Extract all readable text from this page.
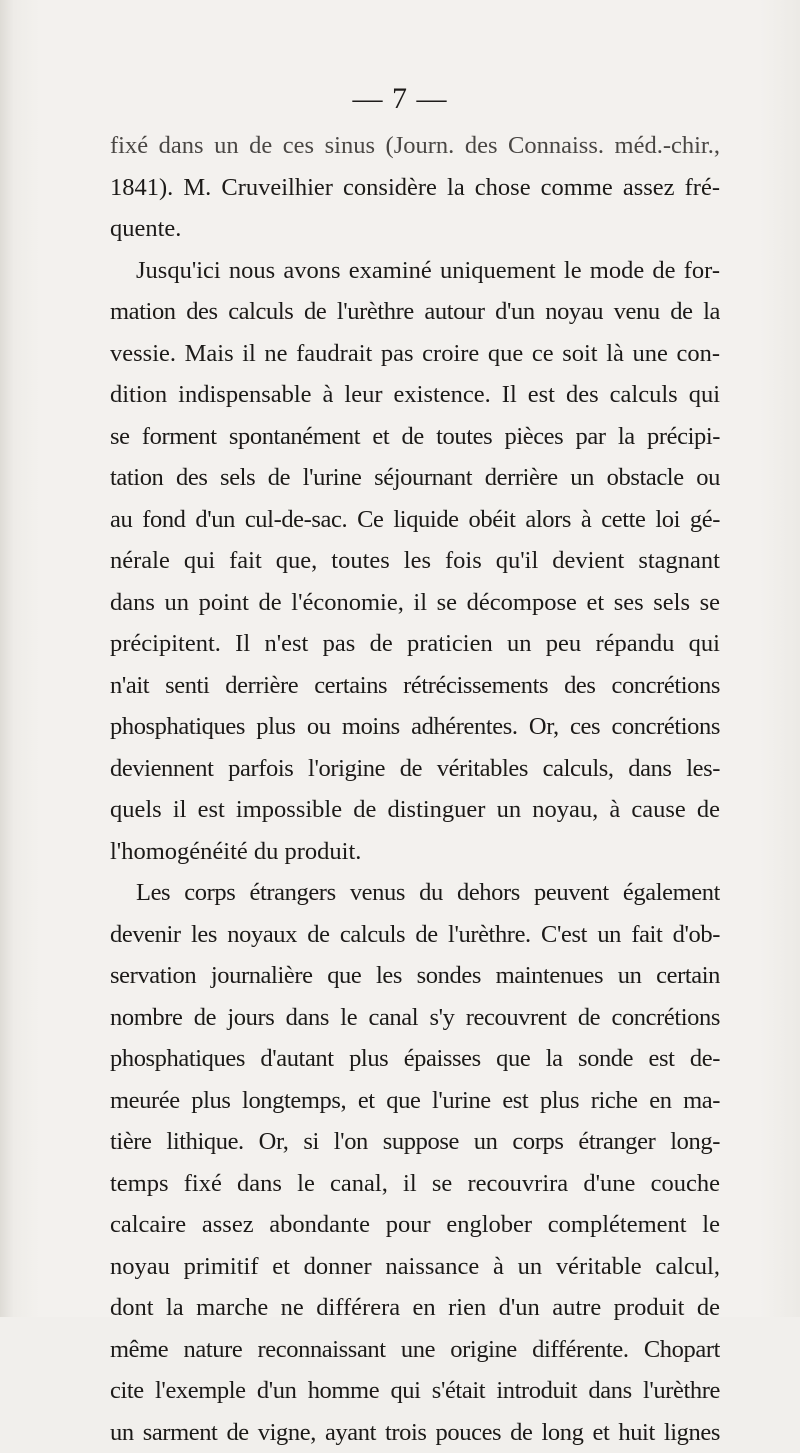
— 7 —
fixé dans un de ces sinus (Journ. des Connaiss. méd.-chir.,
1841). M. Cruveilhier considère la chose comme assez fré-
quente.
Jusqu'ici nous avons examiné uniquement le mode de for-
mation des calculs de l'urèthre autour d'un noyau venu de la
vessie. Mais il ne faudrait pas croire que ce soit là une con-
dition indispensable à leur existence. Il est des calculs qui
se forment spontanément et de toutes pièces par la précipi-
tation des sels de l'urine séjournant derrière un obstacle ou
au fond d'un cul-de-sac. Ce liquide obéit alors à cette loi gé-
nérale qui fait que, toutes les fois qu'il devient stagnant
dans un point de l'économie, il se décompose et ses sels se
précipitent. Il n'est pas de praticien un peu répandu qui
n'ait senti derrière certains rétrécissements des concrétions
phosphatiques plus ou moins adhérentes. Or, ces concrétions
deviennent parfois l'origine de véritables calculs, dans les-
quels il est impossible de distinguer un noyau, à cause de
l'homogénéité du produit.
Les corps étrangers venus du dehors peuvent également
devenir les noyaux de calculs de l'urèthre. C'est un fait d'ob-
servation journalière que les sondes maintenues un certain
nombre de jours dans le canal s'y recouvrent de concrétions
phosphatiques d'autant plus épaisses que la sonde est de-
meurée plus longtemps, et que l'urine est plus riche en ma-
tière lithique. Or, si l'on suppose un corps étranger long-
temps fixé dans le canal, il se recouvrira d'une couche
calcaire assez abondante pour englober complétement le
noyau primitif et donner naissance à un véritable calcul,
dont la marche ne différera en rien d'un autre produit de
même nature reconnaissant une origine différente. Chopart
cite l'exemple d'un homme qui s'était introduit dans l'urèthre
un sarment de vigne, ayant trois pouces de long et huit lignes
